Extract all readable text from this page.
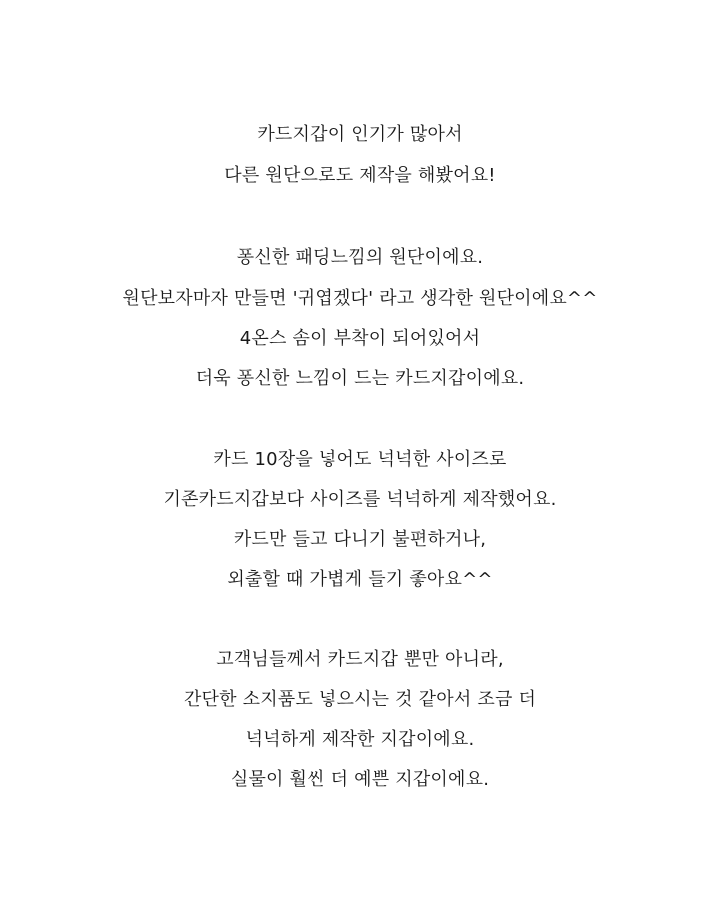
카드지갑이 인기가 많아서
다른 원단으로도 제작을 해봤어요!
퐁신한 패딩느낌의 원단이에요.
원단보자마자 만들면 '귀엽겠다' 라고 생각한 원단이에요^^
4온스 솜이 부착이 되어있어서
더욱 퐁신한 느낌이 드는 카드지갑이에요.
카드 10장을 넣어도 넉넉한 사이즈로
기존카드지갑보다 사이즈를 넉넉하게 제작했어요.
카드만 들고 다니기 불편하거나,
외출할 때 가볍게 들기 좋아요^^
고객님들께서 카드지갑 뿐만 아니라,
간단한 소지품도 넣으시는 것 같아서 조금 더
넉넉하게 제작한 지갑이에요.
실물이 훨씬 더 예쁜 지갑이에요.
